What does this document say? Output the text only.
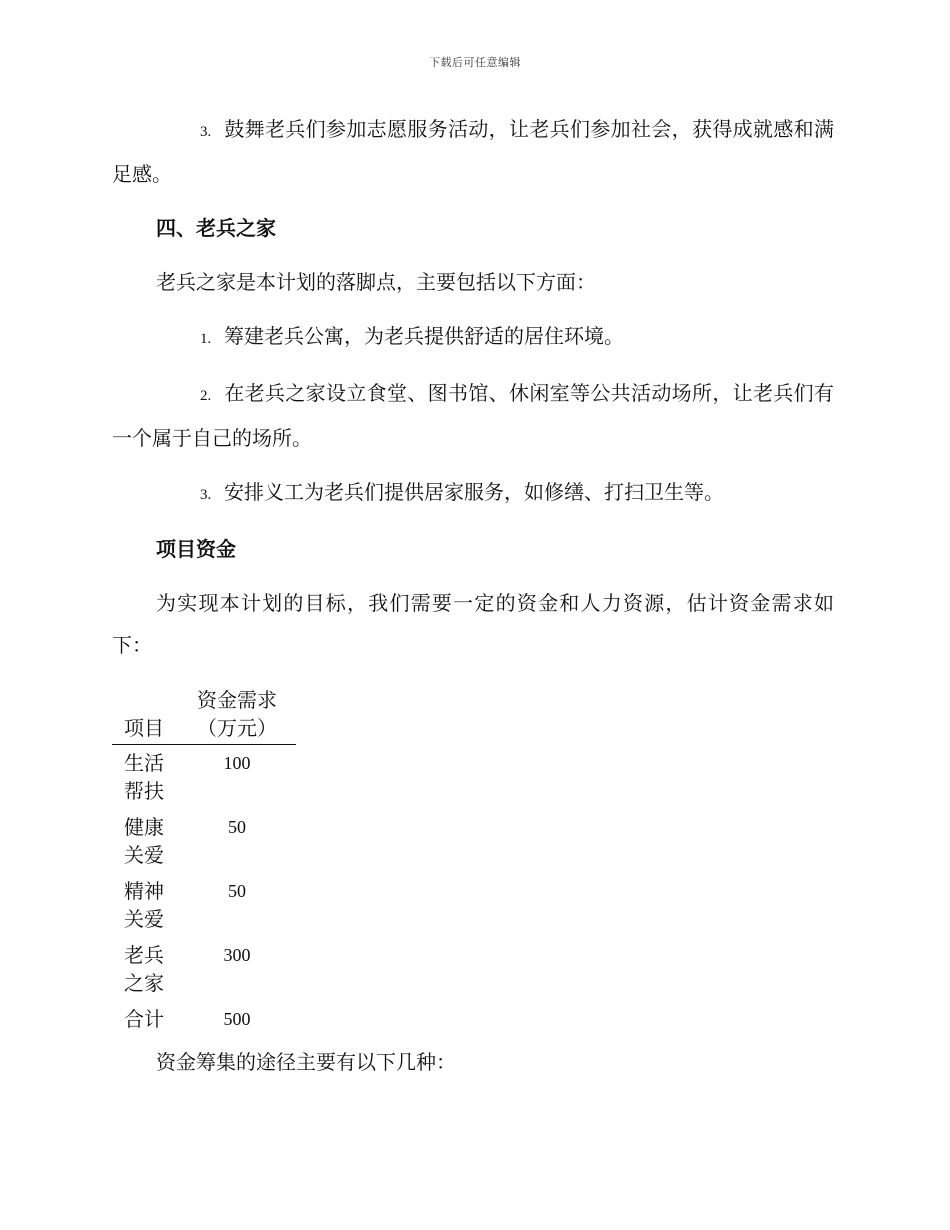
下载后可任意编辑

3. 鼓舞老兵们参加志愿服务活动，让老兵们参加社会，获得成就感和满足感。

四、老兵之家

老兵之家是本计划的落脚点，主要包括以下方面：

1. 筹建老兵公寓，为老兵提供舒适的居住环境。

2. 在老兵之家设立食堂、图书馆、休闲室等公共活动场所，让老兵们有一个属于自己的场所。

3. 安排义工为老兵们提供居家服务，如修缮、打扫卫生等。

项目资金

为实现本计划的目标，我们需要一定的资金和人力资源，估计资金需求如下：

项目	资金需求（万元）
生活帮扶	100
健康关爱	50
精神关爱	50
老兵之家	300
合计	500

资金筹集的途径主要有以下几种：
